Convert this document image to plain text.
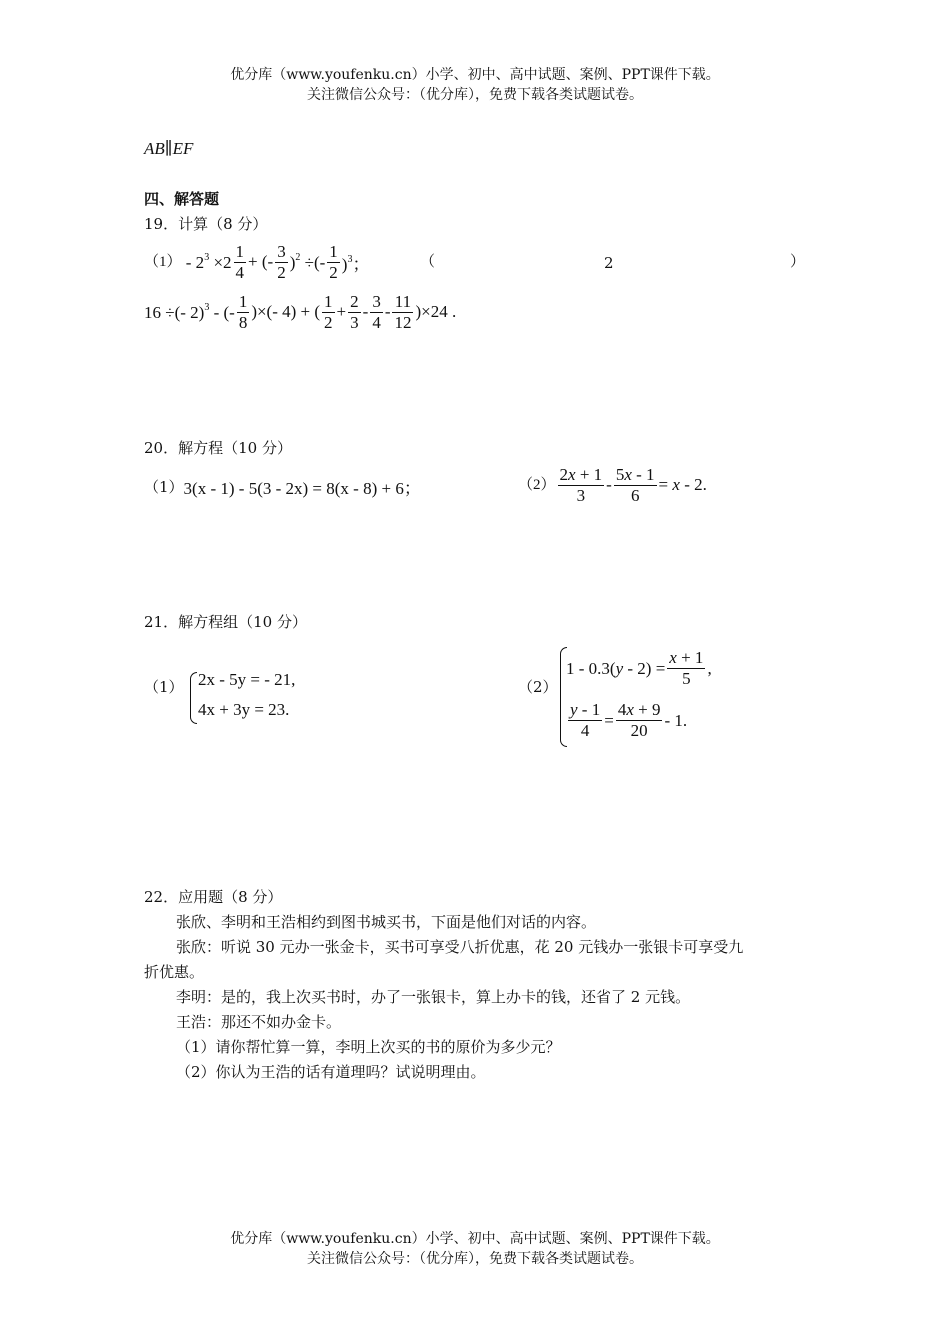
优分库（www.youfenku.cn）小学、初中、高中试题、案例、PPT课件下载。
关注微信公众号：（优分库），免费下载各类试题试卷。
AB∥EF
四、解答题
19．计算（8 分）
$(1) - 2^3 \times 2 \frac{1}{4}$ + (- $\frac{3}{2} )^2$ ÷(- $\frac{1}{2} )^3$；	（	2	）
16 ÷(- 2)$^3$ - (- $\frac{1}{8}$ )×(- 4) + ( $\frac{1}{2} + \frac{2}{3} - \frac{3}{4} - \frac{11}{12} )\times 24$ .
20．解方程（10 分）
（1） 3(x - 1) - 5(3 - 2x) = 8(x - 8) + 6；	$(2) \frac{2x + 1}{3} - \frac{5x - 1}{6} = x - 2$.
21．解方程组（10 分）
（1） 2x - 5y = - 21,
4x + 3y = 23.
（2）
$1 - 0.3(y - 2) = \frac{x + 1}{5}$ ,
$\frac{y - 1}{4} = \frac{4x + 9}{20} - 1$.
22．应用题（8 分）
张欣、李明和王浩相约到图书城买书，下面是他们对话的内容。
张欣：听说 30 元办一张金卡，买书可享受八折优惠，花 20 元钱办一张银卡可享受九
折优惠。
李明：是的，我上次买书时，办了一张银卡，算上办卡的钱，还省了 2 元钱。
王浩：那还不如办金卡。
（1）请你帮忙算一算，李明上次买的书的原价为多少元？
（2）你认为王浩的话有道理吗？试说明理由。
优分库（www.youfenku.cn）小学、初中、高中试题、案例、PPT课件下载。
关注微信公众号：（优分库），免费下载各类试题试卷。
